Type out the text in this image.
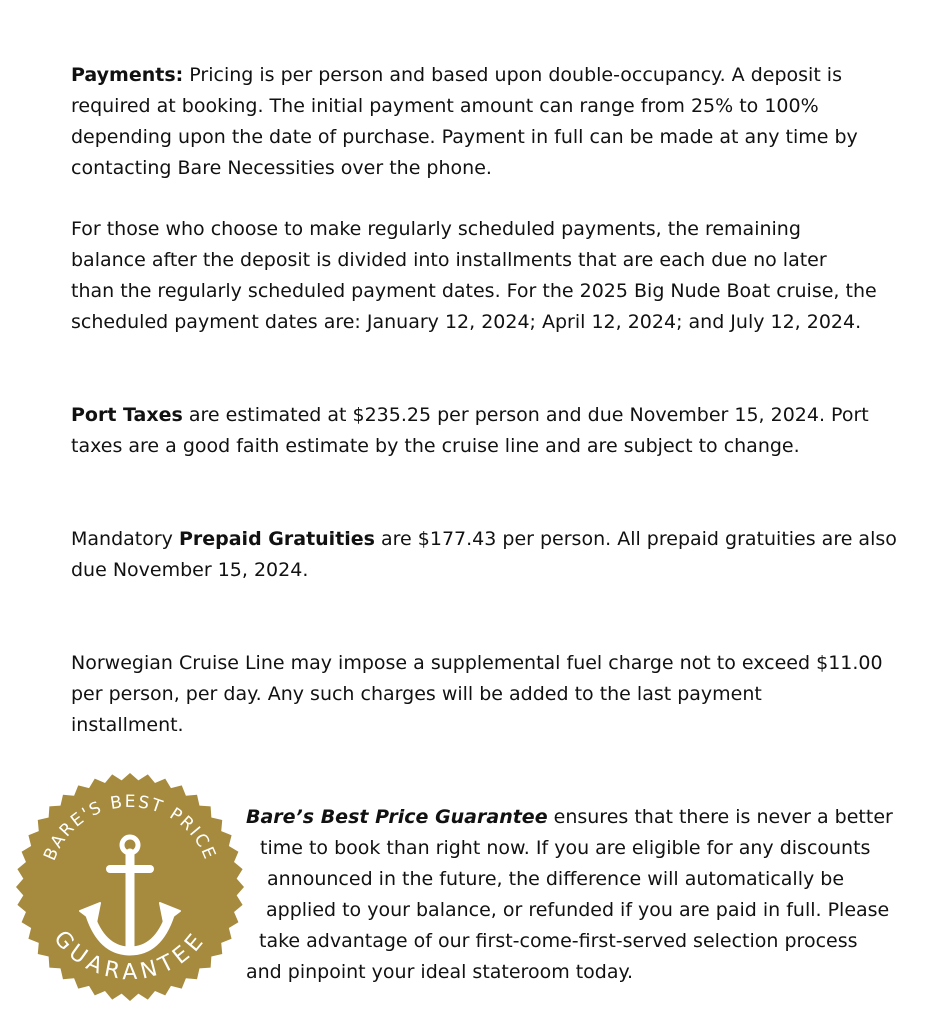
Payments: Pricing is per person and based upon double-occupancy. A deposit is
required at booking. The initial payment amount can range from 25% to 100%
depending upon the date of purchase. Payment in full can be made at any time by
contacting Bare Necessities over the phone.
For those who choose to make regularly scheduled payments, the remaining
balance after the deposit is divided into installments that are each due no later
than the regularly scheduled payment dates. For the 2025 Big Nude Boat cruise, the
scheduled payment dates are: January 12, 2024; April 12, 2024; and July 12, 2024.
Port Taxes are estimated at $235.25 per person and due November 15, 2024. Port
taxes are a good faith estimate by the cruise line and are subject to change.
Mandatory Prepaid Gratuities are $177.43 per person. All prepaid gratuities are also
due November 15, 2024.
Norwegian Cruise Line may impose a supplemental fuel charge not to exceed $11.00
per person, per day. Any such charges will be added to the last payment
installment.
BARE'S BEST PRICE
GUARANTEE
Bare’s Best Price Guarantee ensures that there is never a better
time to book than right now. If you are eligible for any discounts
announced in the future, the difference will automatically be
applied to your balance, or refunded if you are paid in full. Please
take advantage of our first-come-first-served selection process
and pinpoint your ideal stateroom today.
